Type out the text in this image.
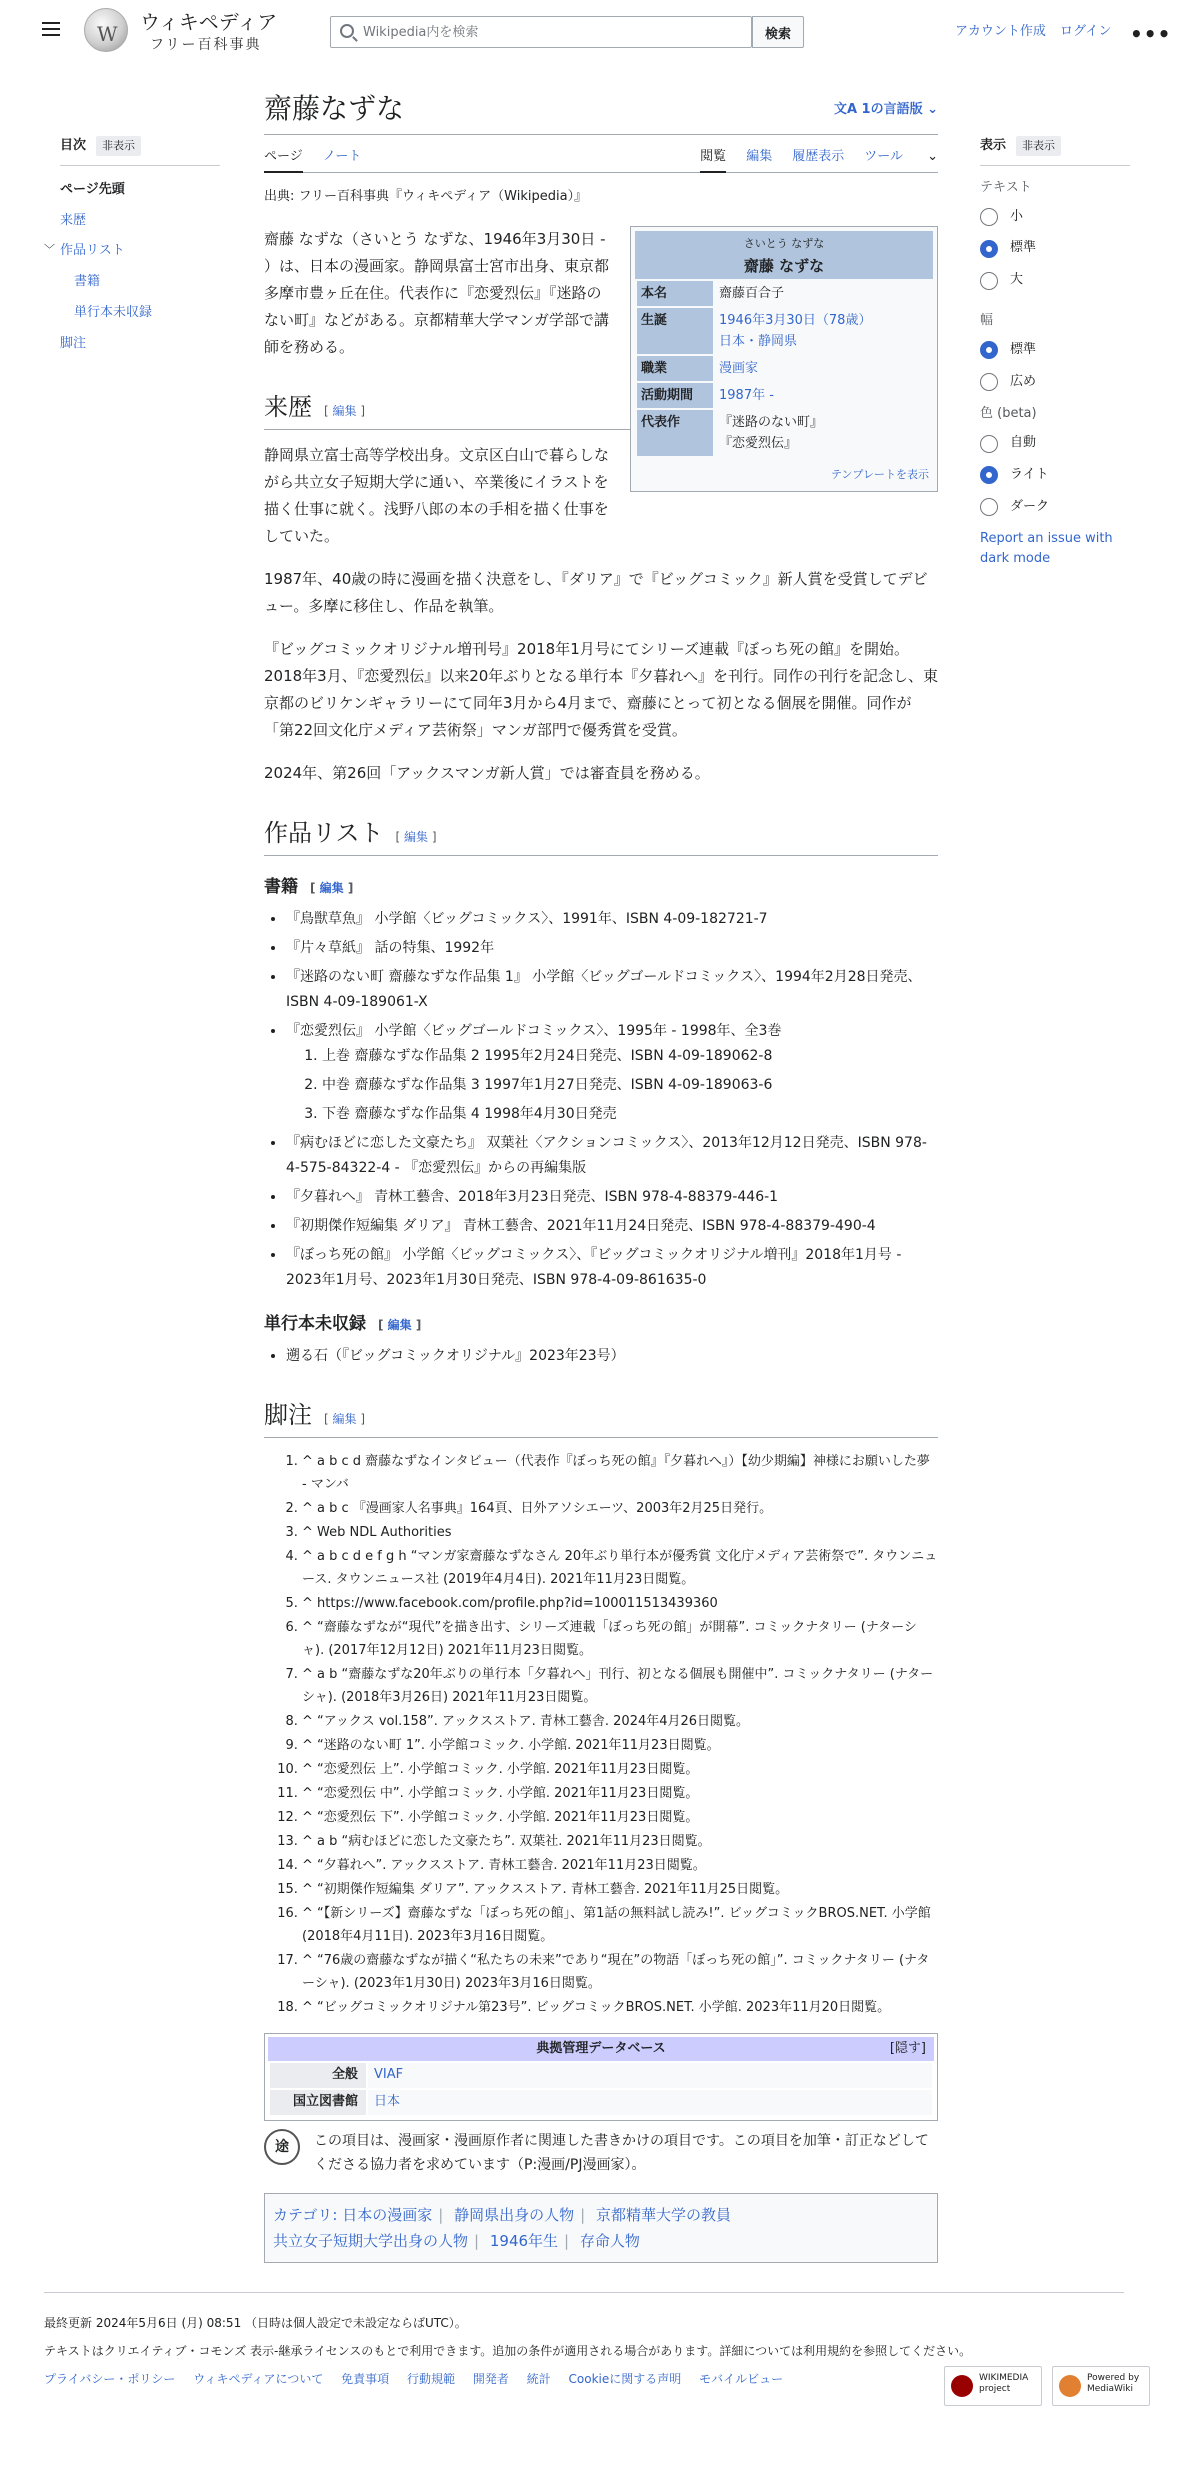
W
ウィキペディア
フリー百科事典
Wikipedia内を検索
検索	アカウント作成 ログイン •••
目次	非表示
ページ先頭
来歴
﹀ 作品リスト
書籍
単行本未収録
脚注
表示	非表示
テキスト
小
標準
大
幅
標準
広め
色 (beta)
自動
ライト
ダーク
Report an issue with dark mode
齋藤なずな	文A 1の言語版 ⌄
ページ ノート	閲覧 編集 履歴表示 ツール ⌄
出典: フリー百科事典『ウィキペディア（Wikipedia）』
さいとう なずな
齋藤 なずな
本名	齋藤百合子
生誕	1946年3月30日（78歳）
日本・静岡県
職業	漫画家
活動期間	1987年 -
代表作	『迷路のない町』
『恋愛烈伝』
テンプレートを表示

齋藤 なずな（さいとう なずな、1946年3月30日 - ）は、日本の漫画家。静岡県富士宮市出身、東京都多摩市豊ヶ丘在住。代表作に『恋愛烈伝』『迷路のない町』などがある。京都精華大学マンガ学部で講師を務める。

来歴 [ 編集 ]

静岡県立富士高等学校出身。文京区白山で暮らしながら共立女子短期大学に通い、卒業後にイラストを描く仕事に就く。浅野八郎の本の手相を描く仕事をしていた。

1987年、40歳の時に漫画を描く決意をし、『ダリア』で『ビッグコミック』新人賞を受賞してデビュー。多摩に移住し、作品を執筆。

『ビッグコミックオリジナル増刊号』2018年1月号にてシリーズ連載『ぼっち死の館』を開始。2018年3月、『恋愛烈伝』以来20年ぶりとなる単行本『夕暮れへ』を刊行。同作の刊行を記念し、東京都のビリケンギャラリーにて同年3月から4月まで、齋藤にとって初となる個展を開催。同作が「第22回文化庁メディア芸術祭」マンガ部門で優秀賞を受賞。

2024年、第26回「アックスマンガ新人賞」では審査員を務める。

作品リスト [ 編集 ]
書籍 [ 編集 ]
• 『鳥獣草魚』 小学館〈ビッグコミックス〉、1991年、ISBN 4-09-182721-7
• 『片々草紙』 話の特集、1992年
• 『迷路のない町 齋藤なずな作品集 1』 小学館〈ビッグゴールドコミックス〉、1994年2月28日発売、ISBN 4-09-189061-X
• 『恋愛烈伝』 小学館〈ビッグゴールドコミックス〉、1995年 - 1998年、全3巻
1. 上巻 齋藤なずな作品集 2 1995年2月24日発売、ISBN 4-09-189062-8
2. 中巻 齋藤なずな作品集 3 1997年1月27日発売、ISBN 4-09-189063-6
3. 下巻 齋藤なずな作品集 4 1998年4月30日発売
• 『病むほどに恋した文豪たち』 双葉社〈アクションコミックス〉、2013年12月12日発売、ISBN 978-4-575-84322-4 - 『恋愛烈伝』からの再編集版
• 『夕暮れへ』 青林工藝舎、2018年3月23日発売、ISBN 978-4-88379-446-1
• 『初期傑作短編集 ダリア』 青林工藝舎、2021年11月24日発売、ISBN 978-4-88379-490-4
• 『ぼっち死の館』 小学館〈ビッグコミックス〉、『ビッグコミックオリジナル増刊』2018年1月号 - 2023年1月号、2023年1月30日発売、ISBN 978-4-09-861635-0
単行本未収録 [ 編集 ]
• 遡る石（『ビッグコミックオリジナル』2023年23号）
脚注 [ 編集 ]
1. ^ a b c d 齋藤なずなインタビュー（代表作『ぼっち死の館』『夕暮れへ』）【幼少期編】神様にお願いした夢 - マンバ
2. ^ a b c 『漫画家人名事典』164頁、日外アソシエーツ、2003年2月25日発行。
3. ^ Web NDL Authorities
4. ^ a b c d e f g h “マンガ家齋藤なずなさん 20年ぶり単行本が優秀賞 文化庁メディア芸術祭で”. タウンニュース. タウンニュース社 (2019年4月4日). 2021年11月23日閲覧。
5. ^ https://www.facebook.com/profile.php?id=100011513439360
6. ^ “齋藤なずなが“現代”を描き出す、シリーズ連載「ぼっち死の館」が開幕”. コミックナタリー (ナターシャ). (2017年12月12日) 2021年11月23日閲覧。
7. ^ a b “齋藤なずな20年ぶりの単行本「夕暮れへ」刊行、初となる個展も開催中”. コミックナタリー (ナターシャ). (2018年3月26日) 2021年11月23日閲覧。
8. ^ “アックス vol.158”. アックスストア. 青林工藝舎. 2024年4月26日閲覧。
9. ^ “迷路のない町 1”. 小学館コミック. 小学館. 2021年11月23日閲覧。
10. ^ “恋愛烈伝 上”. 小学館コミック. 小学館. 2021年11月23日閲覧。
11. ^ “恋愛烈伝 中”. 小学館コミック. 小学館. 2021年11月23日閲覧。
12. ^ “恋愛烈伝 下”. 小学館コミック. 小学館. 2021年11月23日閲覧。
13. ^ a b “病むほどに恋した文豪たち”. 双葉社. 2021年11月23日閲覧。
14. ^ “夕暮れへ”. アックスストア. 青林工藝舎. 2021年11月23日閲覧。
15. ^ “初期傑作短編集 ダリア”. アックスストア. 青林工藝舎. 2021年11月25日閲覧。
16. ^ “【新シリーズ】齋藤なずな「ぼっち死の館」、第1話の無料試し読み!”. ビッグコミックBROS.NET. 小学館 (2018年4月11日). 2023年3月16日閲覧。
17. ^ “76歳の齋藤なずなが描く“私たちの未来”であり“現在”の物語「ぼっち死の館」”. コミックナタリー (ナターシャ). (2023年1月30日) 2023年3月16日閲覧。
18. ^ “ビッグコミックオリジナル第23号”. ビッグコミックBROS.NET. 小学館. 2023年11月20日閲覧。
典拠管理データベース	[隠す]
全般	VIAF
国立図書館	日本
途	この項目は、漫画家・漫画原作者に関連した書きかけの項目です。この項目を加筆・訂正などしてくださる協力者を求めています（P:漫画/PJ漫画家）。
カテゴリ: 日本の漫画家 | 静岡県出身の人物 | 京都精華大学の教員
共立女子短期大学出身の人物 | 1946年生 | 存命人物

最終更新 2024年5月6日 (月) 08:51 （日時は個人設定で未設定ならばUTC）。

テキストはクリエイティブ・コモンズ 表示-継承ライセンスのもとで利用できます。追加の条件が適用される場合があります。詳細については利用規約を参照してください。

プライバシー・ポリシー ウィキペディアについて 免責事項 行動規範 開発者 統計 Cookieに関する声明 モバイルビュー	WIKIMEDIA project
Powered by MediaWiki
